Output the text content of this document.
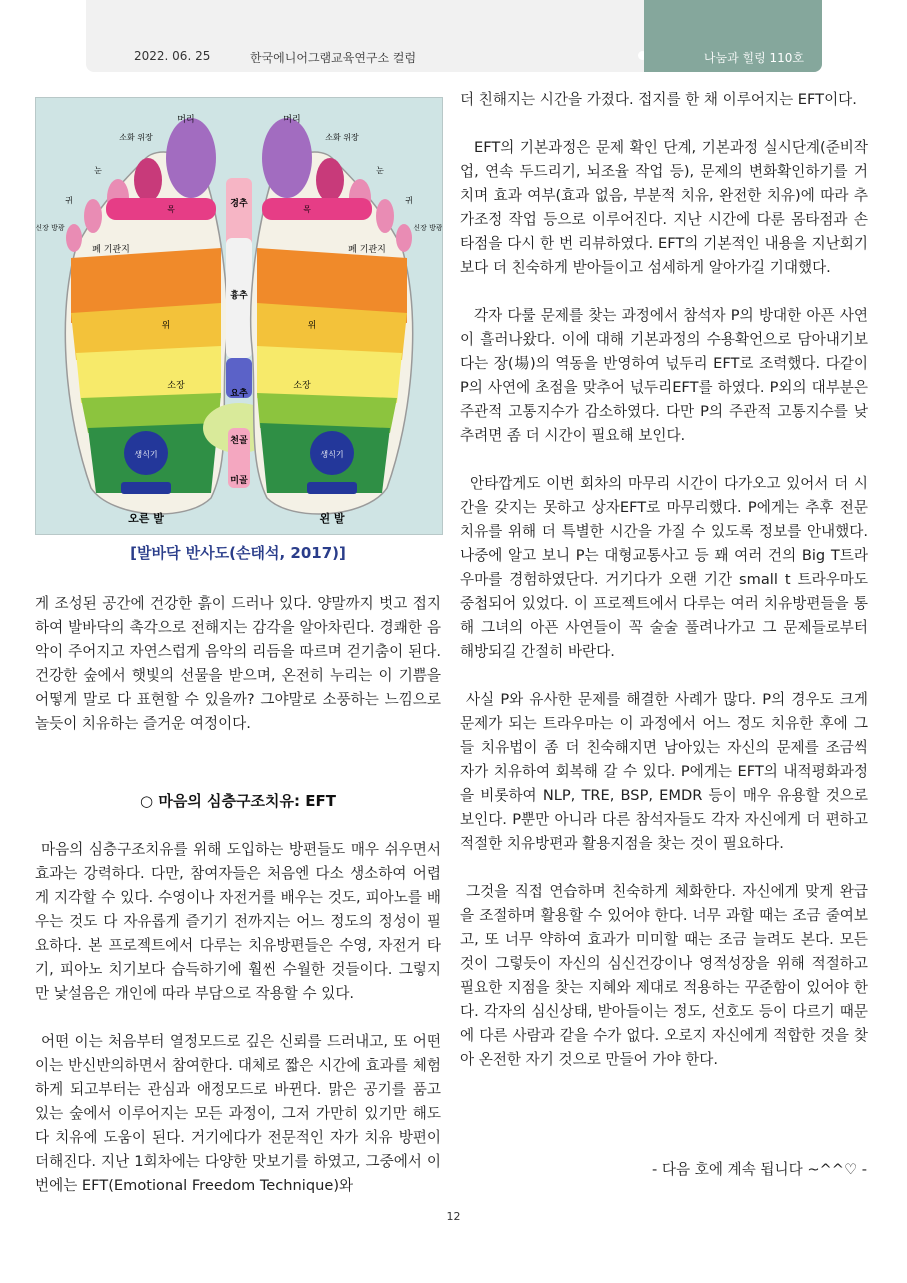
2022. 06. 25	한국에니어그램교육연구소 컬럼	나눔과 힐링 110호
생식기
머리
소화 위장
눈
귀
신장 방광
목
폐 기관지
위
소장
경추
흉추
요추
천골
미골
생식기
머리
소화 위장
눈
귀
신장 방광
목
폐 기관지
위
소장
오른 발	왼 발
[발바닥 반사도(손태석, 2017)]

게 조성된 공간에 건강한 흙이 드러나 있다. 양말까지 벗고 접지하여 발바닥의 촉각으로 전해지는 감각을 알아차린다. 경쾌한 음악이 주어지고 자연스럽게 음악의 리듬을 따르며 걷기춤이 된다. 건강한 숲에서 햇빛의 선물을 받으며, 온전히 누리는 이 기쁨을 어떻게 말로 다 표현할 수 있을까? 그야말로 소풍하는 느낌으로 놀듯이 치유하는 즐거운 여정이다.

○ 마음의 심층구조치유: EFT

마음의 심층구조치유를 위해 도입하는 방편들도 매우 쉬우면서 효과는 강력하다. 다만, 참여자들은 처음엔 다소 생소하여 어렵게 지각할 수 있다. 수영이나 자전거를 배우는 것도, 피아노를 배우는 것도 다 자유롭게 즐기기 전까지는 어느 정도의 정성이 필요하다. 본 프로젝트에서 다루는 치유방편들은 수영, 자전거 타기, 피아노 치기보다 습득하기에 훨씬 수월한 것들이다. 그렇지만 낯설음은 개인에 따라 부담으로 작용할 수 있다.

어떤 이는 처음부터 열정모드로 깊은 신뢰를 드러내고, 또 어떤 이는 반신반의하면서 참여한다. 대체로 짧은 시간에 효과를 체험하게 되고부터는 관심과 애정모드로 바뀐다. 맑은 공기를 품고 있는 숲에서 이루어지는 모든 과정이, 그저 가만히 있기만 해도 다 치유에 도움이 된다. 거기에다가 전문적인 자가 치유 방편이 더해진다. 지난 1회차에는 다양한 맛보기를 하였고, 그중에서 이번에는 EFT(Emotional Freedom Technique)와

더 친해지는 시간을 가졌다. 접지를 한 채 이루어지는 EFT이다.

EFT의 기본과정은 문제 확인 단계, 기본과정 실시단계(준비작업, 연속 두드리기, 뇌조율 작업 등), 문제의 변화확인하기를 거치며 효과 여부(효과 없음, 부분적 치유, 완전한 치유)에 따라 추가조정 작업 등으로 이루어진다. 지난 시간에 다룬 몸타점과 손타점을 다시 한 번 리뷰하였다. EFT의 기본적인 내용을 지난회기보다 더 친숙하게 받아들이고 섬세하게 알아가길 기대했다.

각자 다룰 문제를 찾는 과정에서 참석자 P의 방대한 아픈 사연이 흘러나왔다. 이에 대해 기본과정의 수용확언으로 담아내기보다는 장(場)의 역동을 반영하여 넋두리 EFT로 조력했다. 다같이 P의 사연에 초점을 맞추어 넋두리EFT를 하였다. P외의 대부분은 주관적 고통지수가 감소하였다. 다만 P의 주관적 고통지수를 낮추려면 좀 더 시간이 필요해 보인다.

안타깝게도 이번 회차의 마무리 시간이 다가오고 있어서 더 시간을 갖지는 못하고 상자EFT로 마무리했다. P에게는 추후 전문치유를 위해 더 특별한 시간을 가질 수 있도록 정보를 안내했다. 나중에 알고 보니 P는 대형교통사고 등 꽤 여러 건의 Big T트라우마를 경험하였단다. 거기다가 오랜 기간 small t 트라우마도 중첩되어 있었다. 이 프로젝트에서 다루는 여러 치유방편들을 통해 그녀의 아픈 사연들이 꼭 술술 풀려나가고 그 문제들로부터 해방되길 간절히 바란다.

사실 P와 유사한 문제를 해결한 사례가 많다. P의 경우도 크게 문제가 되는 트라우마는 이 과정에서 어느 정도 치유한 후에 그들 치유법이 좀 더 친숙해지면 남아있는 자신의 문제를 조금씩 자가 치유하여 회복해 갈 수 있다. P에게는 EFT의 내적평화과정을 비롯하여 NLP, TRE, BSP, EMDR 등이 매우 유용할 것으로 보인다. P뿐만 아니라 다른 참석자들도 각자 자신에게 더 편하고 적절한 치유방편과 활용지점을 찾는 것이 필요하다.

그것을 직접 연습하며 친숙하게 체화한다. 자신에게 맞게 완급을 조절하며 활용할 수 있어야 한다. 너무 과할 때는 조금 줄여보고, 또 너무 약하여 효과가 미미할 때는 조금 늘려도 본다. 모든 것이 그렇듯이 자신의 심신건강이나 영적성장을 위해 적절하고 필요한 지점을 찾는 지혜와 제대로 적용하는 꾸준함이 있어야 한다. 각자의 심신상태, 받아들이는 정도, 선호도 등이 다르기 때문에 다른 사람과 같을 수가 없다. 오로지 자신에게 적합한 것을 찾아 온전한 자기 것으로 만들어 가야 한다.

- 다음 호에 계속 됩니다 ~^^♡ -
12
